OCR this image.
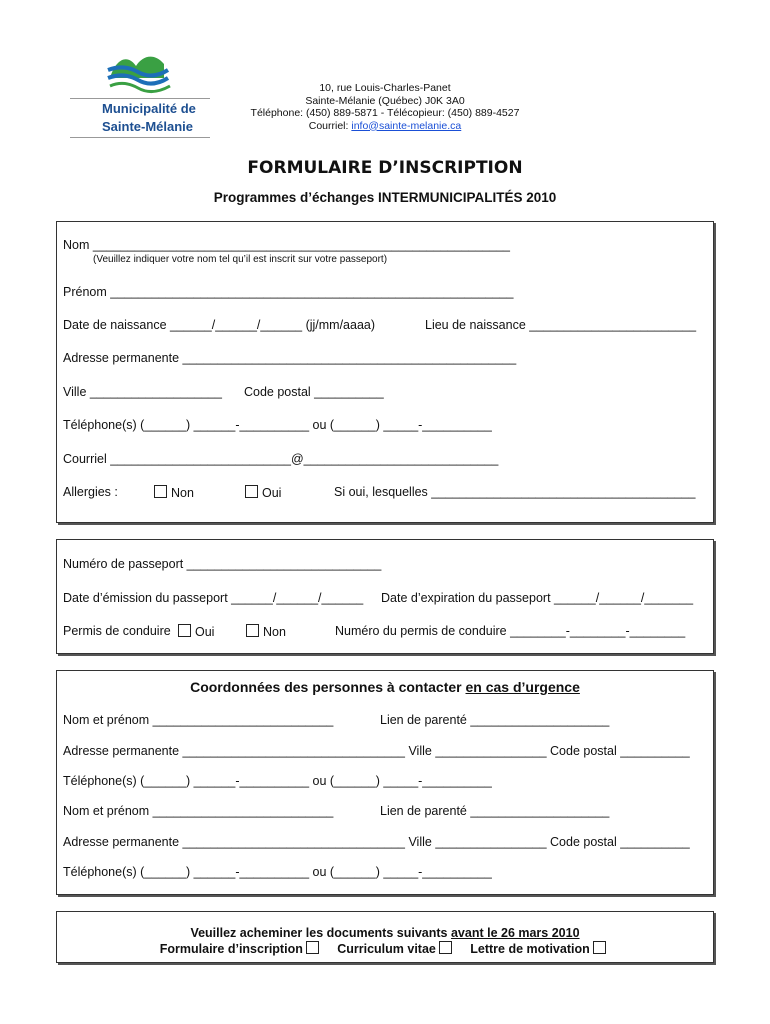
Municipalité de
Sainte-Mélanie
10, rue Louis-Charles-Panet
Sainte-Mélanie (Québec) J0K 3A0
Téléphone: (450) 889-5871 - Télécopieur: (450) 889-4527
Courriel: info@sainte-melanie.ca
FORMULAIRE D’INSCRIPTION
Programmes d’échanges INTERMUNICIPALITÉS 2010
Nom ____________________________________________________________
(Veuillez indiquer votre nom tel qu’il est inscrit sur votre passeport)
Prénom __________________________________________________________
Date de naissance ______/______/______ (jj/mm/aaaa)	Lieu de naissance ________________________
Adresse permanente ________________________________________________
Ville ___________________ Code postal __________
Téléphone(s) (______) ______-__________ ou (______) _____-__________
Courriel __________________________@____________________________
Allergies :	Non	Oui	Si oui, lesquelles ______________________________________
Numéro de passeport ____________________________
Date d’émission du passeport ______/______/______ Date d’expiration du passeport ______/______/_______
Permis de conduire	Oui	Non	Numéro du permis de conduire ________-________-________
Coordonnées des personnes à contacter en cas d’urgence
Nom et prénom __________________________	Lien de parenté ____________________
Adresse permanente ________________________________ Ville ________________ Code postal __________
Téléphone(s) (______) ______-__________ ou (______) _____-__________
Nom et prénom __________________________	Lien de parenté ____________________
Adresse permanente ________________________________ Ville ________________ Code postal __________
Téléphone(s) (______) ______-__________ ou (______) _____-__________
Veuillez acheminer les documents suivants avant le 26 mars 2010
Formulaire d’inscription	Curriculum vitae	Lettre de motivation
